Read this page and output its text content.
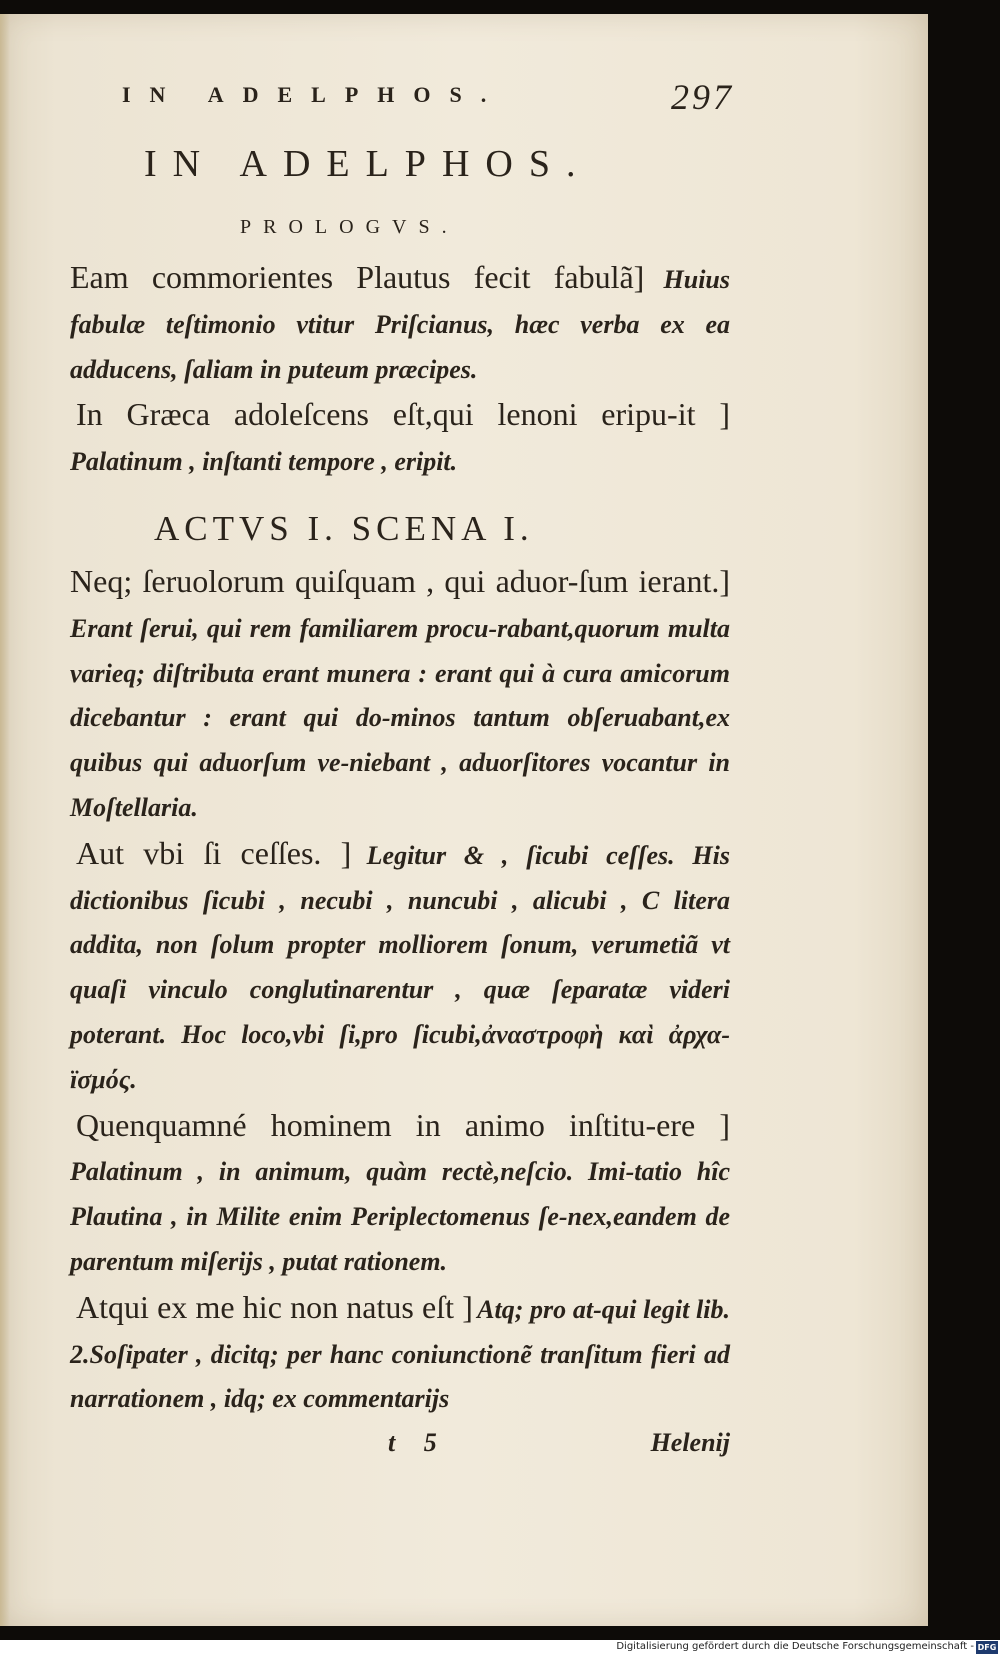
IN ADELPHOS.	297
IN ADELPHOS.
PROLOGVS.

Eam commorientes Plautus fecit fabulã] Huius fabulæ teſtimonio vtitur Priſcianus, hæc verba ex ea adducens, ſaliam in puteum præcipes.

In Græca adoleſcens eſt,qui lenoni eripu-it ] Palatinum , inſtanti tempore , eripit.

ACTVS I. SCENA I.

Neq; ſeruolorum quiſquam , qui aduor-ſum ierant.] Erant ſerui, qui rem familiarem procu-rabant,quorum multa varieq; diſtributa erant munera : erant qui à cura amicorum dicebantur : erant qui do-minos tantum obſeruabant,ex quibus qui aduorſum ve-niebant , aduorſitores vocantur in Moſtellaria.

Aut vbi ſi ceſſes. ] Legitur & , ſicubi ceſſes. His dictionibus ſicubi , necubi , nuncubi , alicubi , C litera addita, non ſolum propter molliorem ſonum, verumetiã vt quaſi vinculo conglutinarentur , quæ ſeparatæ videri poterant. Hoc loco,vbi ſi,pro ſicubi,ἀναστροφὴ καὶ ἀρχα-ϊσμός.

Quenquamné hominem in animo inſtitu-ere ] Palatinum , in animum, quàm rectè,neſcio. Imi-tatio hîc Plautina , in Milite enim Periplectomenus ſe-nex,eandem de parentum miſerijs , putat rationem.

Atqui ex me hic non natus eſt ] Atq; pro at-qui legit lib. 2.Soſipater , dicitq; per hanc coniunctionẽ tranſitum fieri ad narrationem , idq; ex commentarijs

t 5	Helenij
Digitalisierung gefördert durch die Deutsche Forschungsgemeinschaft - DFG
